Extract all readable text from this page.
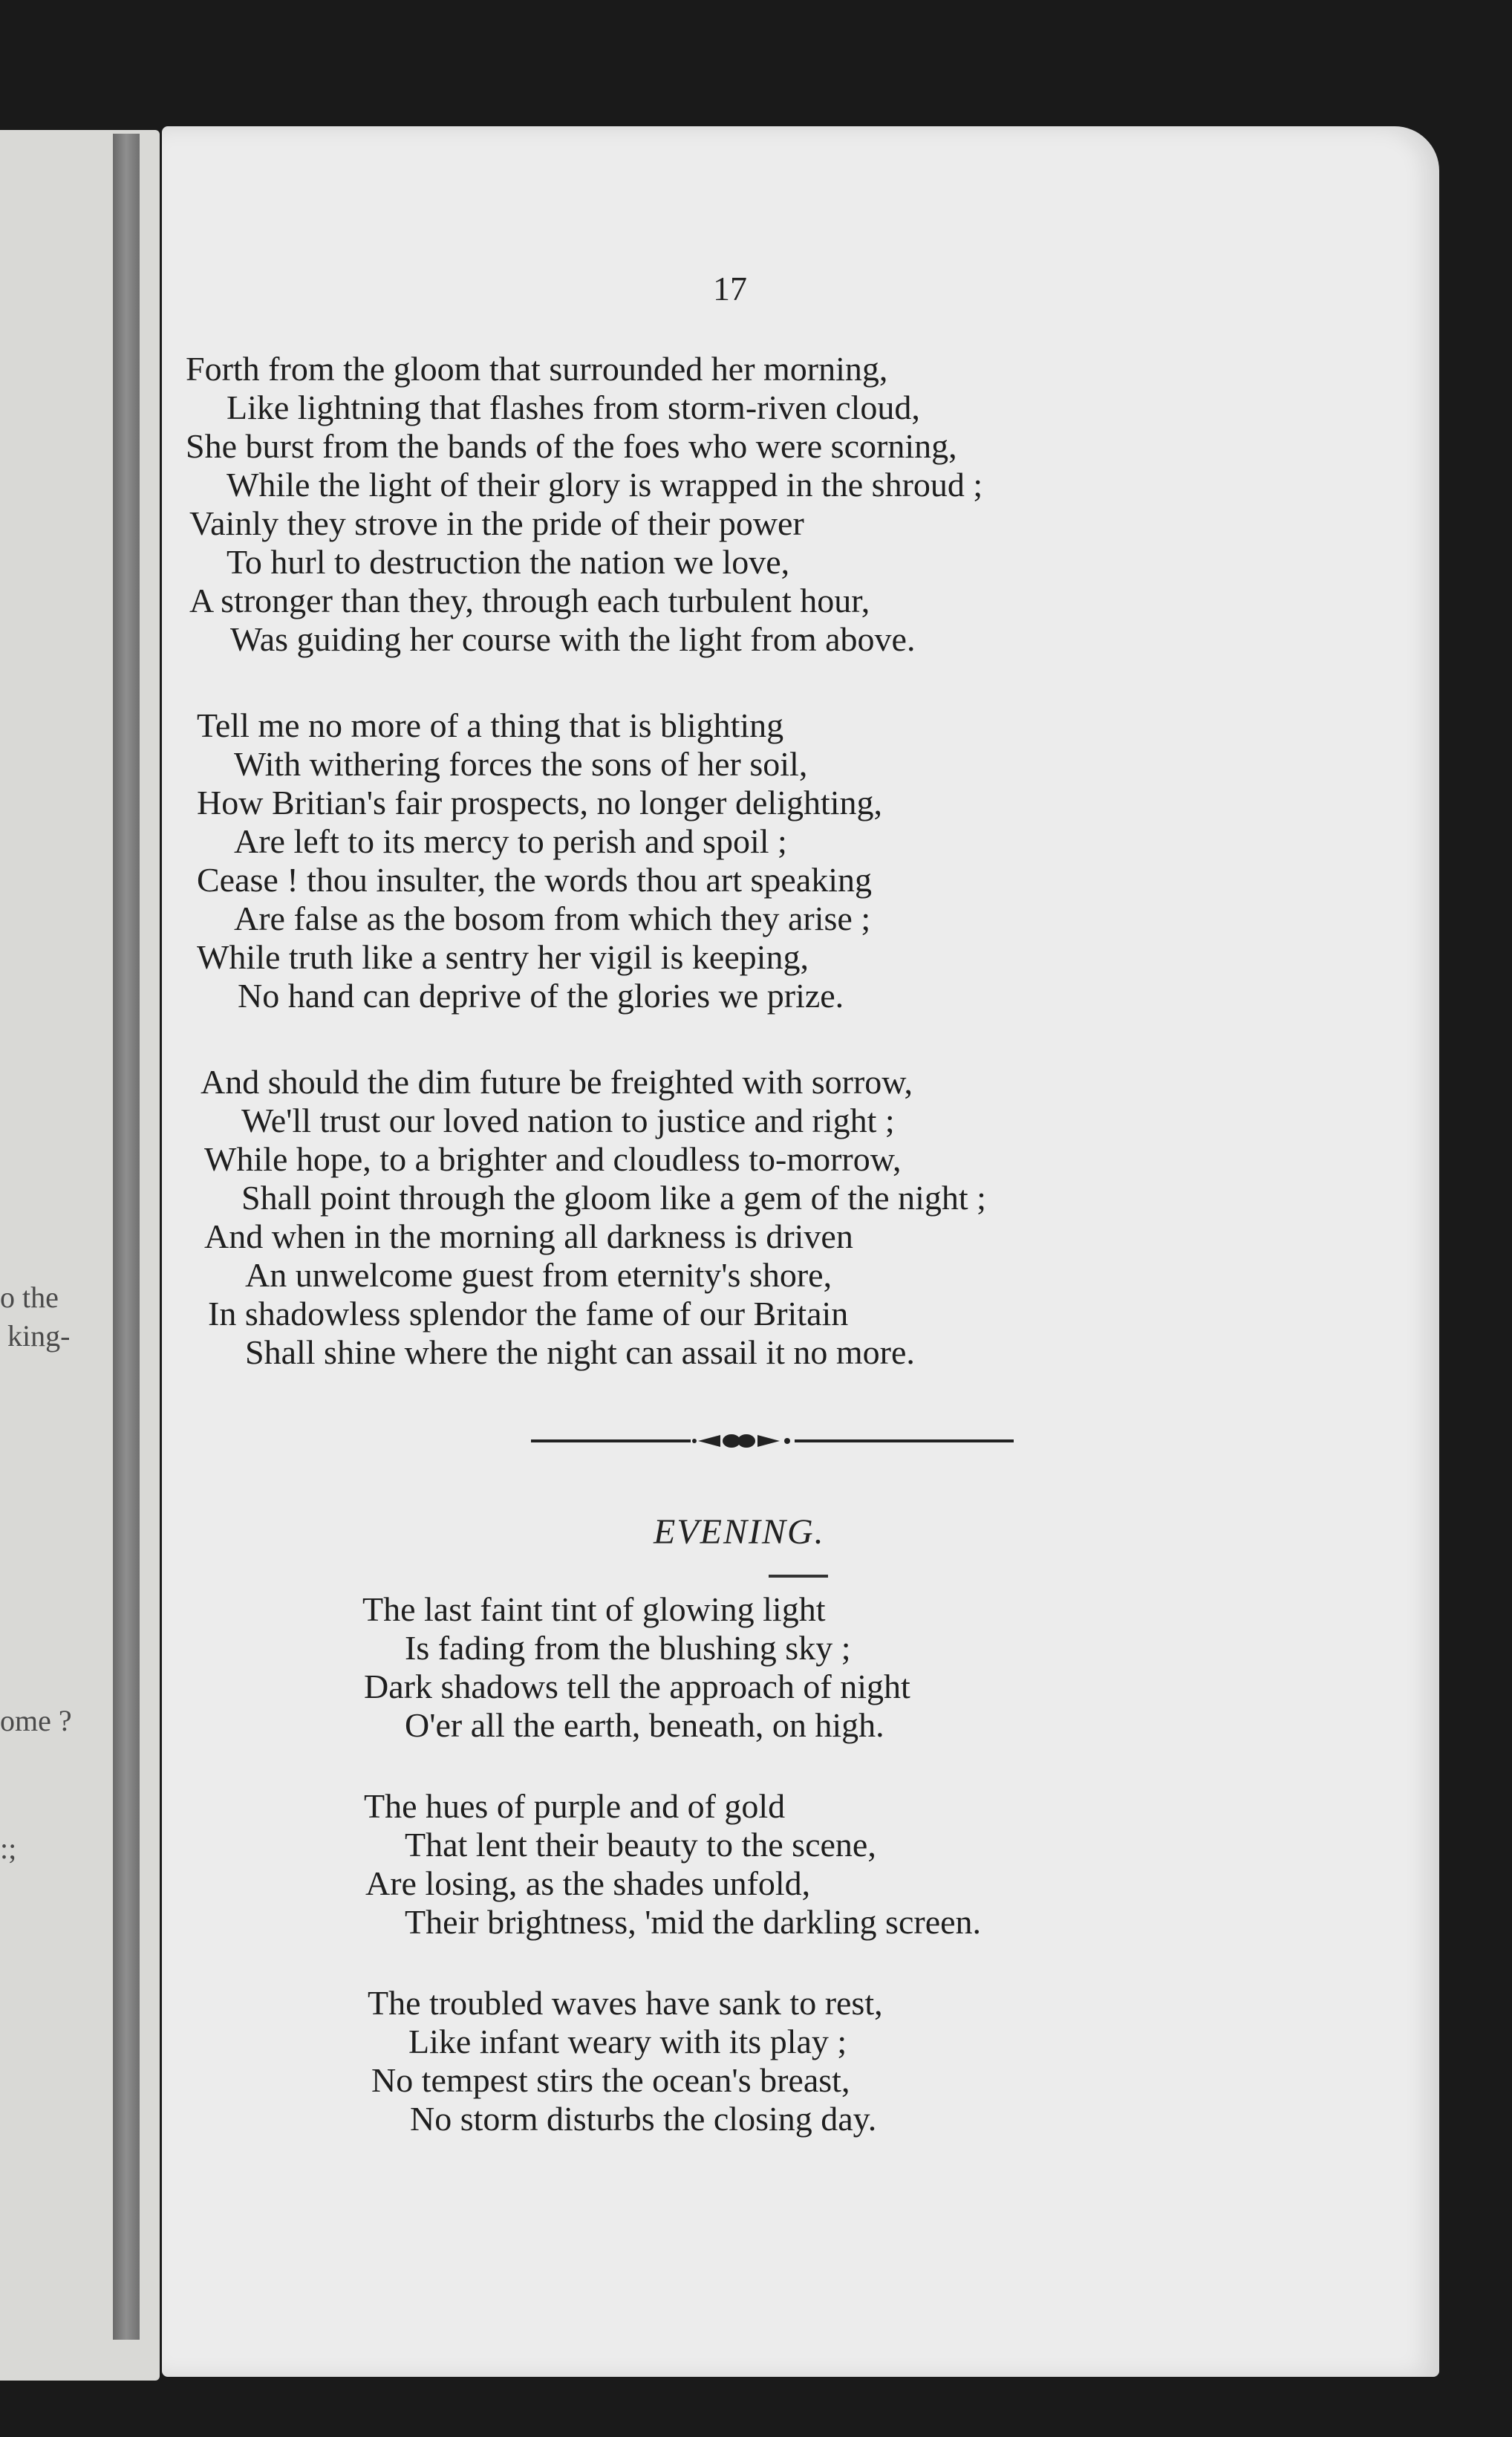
o the
king-
ome ?
:;
17
Forth from the gloom that surrounded her morning,
Like lightning that flashes from storm-riven cloud,
She burst from the bands of the foes who were scorning,
While the light of their glory is wrapped in the shroud ;
Vainly they strove in the pride of their power
To hurl to destruction the nation we love,
A stronger than they, through each turbulent hour,
Was guiding her course with the light from above.
Tell me no more of a thing that is blighting
With withering forces the sons of her soil,
How Britian's fair prospects, no longer delighting,
Are left to its mercy to perish and spoil ;
Cease ! thou insulter, the words thou art speaking
Are false as the bosom from which they arise ;
While truth like a sentry her vigil is keeping,
No hand can deprive of the glories we prize.
And should the dim future be freighted with sorrow,
We'll trust our loved nation to justice and right ;
While hope, to a brighter and cloudless to-morrow,
Shall point through the gloom like a gem of the night ;
And when in the morning all darkness is driven
An unwelcome guest from eternity's shore,
In shadowless splendor the fame of our Britain
Shall shine where the night can assail it no more.
EVENING.
The last faint tint of glowing light
Is fading from the blushing sky ;
Dark shadows tell the approach of night
O'er all the earth, beneath, on high.
The hues of purple and of gold
That lent their beauty to the scene,
Are losing, as the shades unfold,
Their brightness, 'mid the darkling screen.
The troubled waves have sank to rest,
Like infant weary with its play ;
No tempest stirs the ocean's breast,
No storm disturbs the closing day.
